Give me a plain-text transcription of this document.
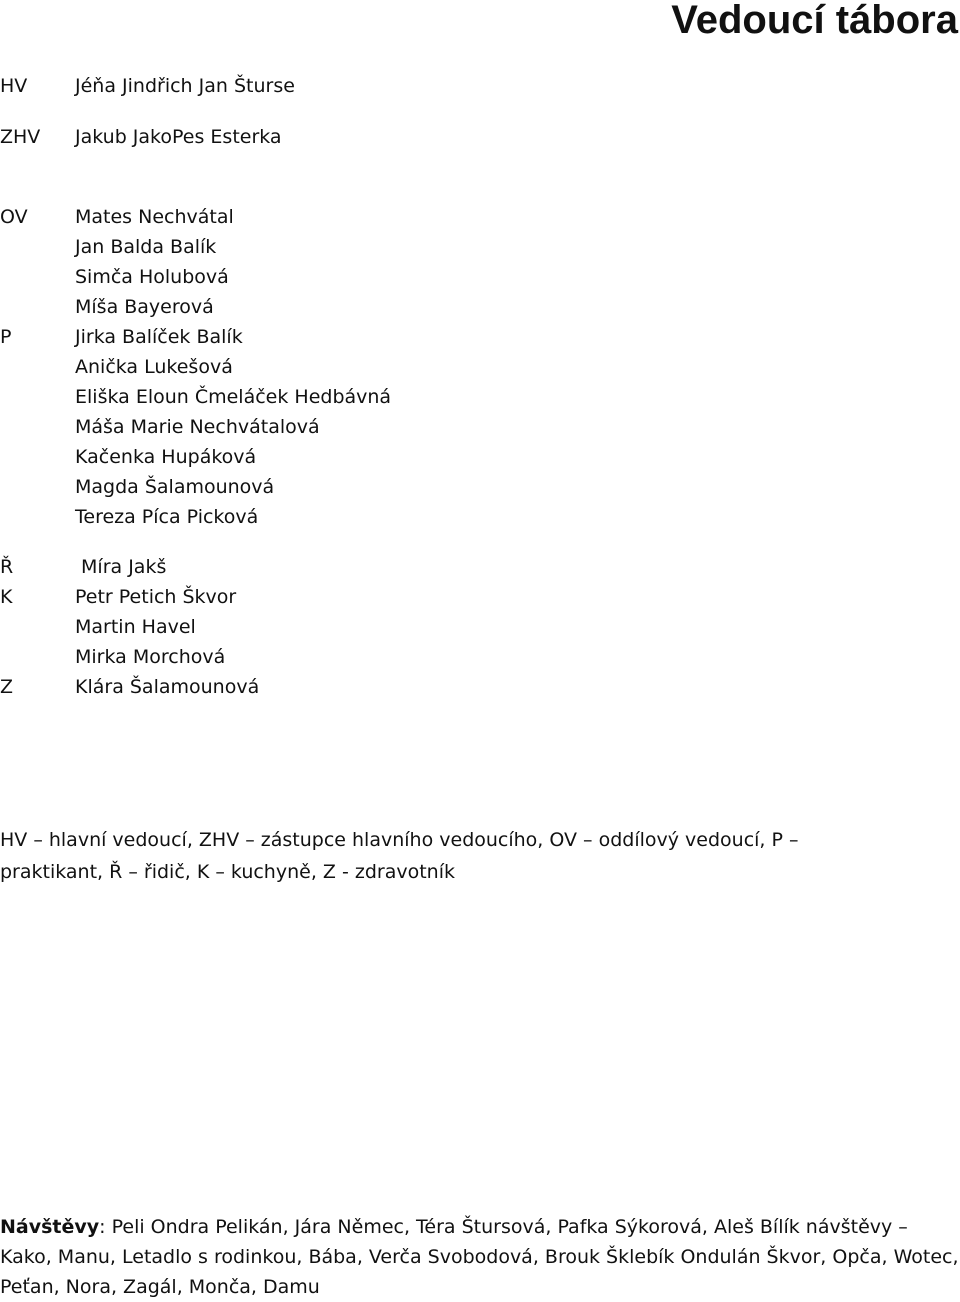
Vedoucí tábora
HV	Jéňa Jindřich Jan Šturse
ZHV	Jakub JakoPes Esterka
OV	Mates Nechvátal
Jan Balda Balík
Simča Holubová
Míša Bayerová
P	Jirka Balíček Balík
Anička Lukešová
Eliška Eloun Čmeláček Hedbávná
Máša Marie Nechvátalová
Kačenka Hupáková
Magda Šalamounová
Tereza Píca Picková
Ř	Míra Jakš
K	Petr Petich Škvor
Martin Havel
Mirka Morchová
Z	Klára Šalamounová

HV – hlavní vedoucí, ZHV – zástupce hlavního vedoucího, OV – oddílový vedoucí, P – praktikant, Ř – řidič, K – kuchyně, Z - zdravotník

Návštěvy: Peli Ondra Pelikán, Jára Němec, Téra Štursová, Pafka Sýkorová, Aleš Bílík návštěvy – Kako, Manu, Letadlo s rodinkou, Bába, Verča Svobodová, Brouk Šklebík Ondulán Škvor, Opča, Wotec, Peťan, Nora, Zagál, Monča, Damu
